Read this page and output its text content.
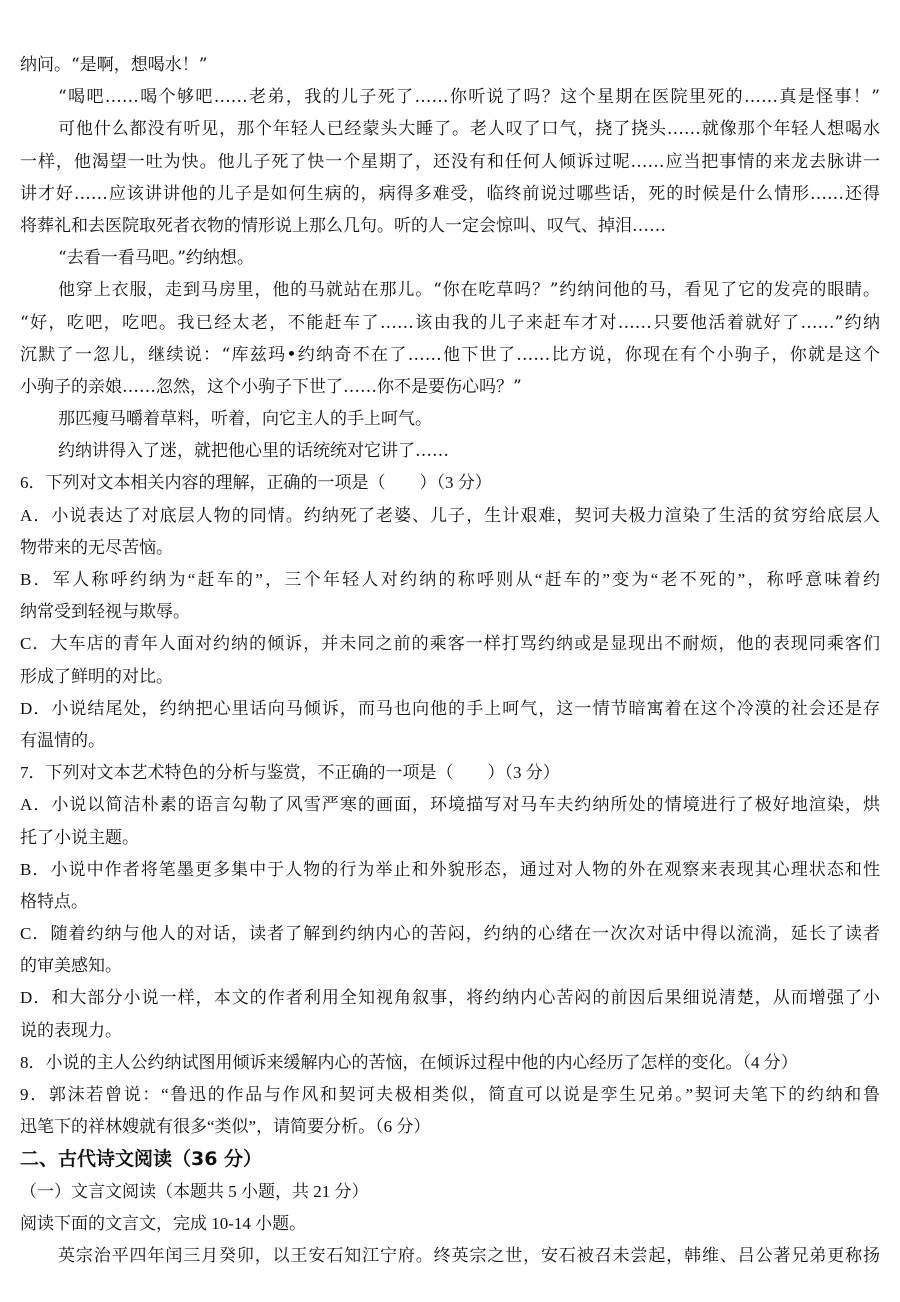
纳问。“是啊，想喝水！”
“喝吧……喝个够吧……老弟，我的儿子死了……你听说了吗？这个星期在医院里死的……真是怪事！”
可他什么都没有听见，那个年轻人已经蒙头大睡了。老人叹了口气，挠了挠头……就像那个年轻人想喝水
一样，他渴望一吐为快。他儿子死了快一个星期了，还没有和任何人倾诉过呢……应当把事情的来龙去脉讲一
讲才好……应该讲讲他的儿子是如何生病的，病得多难受，临终前说过哪些话，死的时候是什么情形……还得
将葬礼和去医院取死者衣物的情形说上那么几句。听的人一定会惊叫、叹气、掉泪……
“去看一看马吧。”约纳想。
他穿上衣服，走到马房里，他的马就站在那儿。“你在吃草吗？”约纳问他的马，看见了它的发亮的眼睛。
“好，吃吧，吃吧。我已经太老，不能赶车了……该由我的儿子来赶车才对……只要他活着就好了……”约纳
沉默了一忽儿，继续说：“库兹玛•约纳奇不在了……他下世了……比方说，你现在有个小驹子，你就是这个
小驹子的亲娘……忽然，这个小驹子下世了……你不是要伤心吗？”
那匹瘦马嚼着草料，听着，向它主人的手上呵气。
约纳讲得入了迷，就把他心里的话统统对它讲了……
6．下列对文本相关内容的理解，正确的一项是（　　）（3 分）
A．小说表达了对底层人物的同情。约纳死了老婆、儿子，生计艰难，契诃夫极力渲染了生活的贫穷给底层人
物带来的无尽苦恼。
B．军人称呼约纳为“赶车的”，三个年轻人对约纳的称呼则从“赶车的”变为“老不死的”，称呼意味着约
纳常受到轻视与欺辱。
C．大车店的青年人面对约纳的倾诉，并未同之前的乘客一样打骂约纳或是显现出不耐烦，他的表现同乘客们
形成了鲜明的对比。
D．小说结尾处，约纳把心里话向马倾诉，而马也向他的手上呵气，这一情节暗寓着在这个冷漠的社会还是存
有温情的。
7．下列对文本艺术特色的分析与鉴赏，不正确的一项是（　　）（3 分）
A．小说以简洁朴素的语言勾勒了风雪严寒的画面，环境描写对马车夫约纳所处的情境进行了极好地渲染，烘
托了小说主题。
B．小说中作者将笔墨更多集中于人物的行为举止和外貌形态，通过对人物的外在观察来表现其心理状态和性
格特点。
C．随着约纳与他人的对话，读者了解到约纳内心的苦闷，约纳的心绪在一次次对话中得以流淌，延长了读者
的审美感知。
D．和大部分小说一样，本文的作者利用全知视角叙事，将约纳内心苦闷的前因后果细说清楚，从而增强了小
说的表现力。
8．小说的主人公约纳试图用倾诉来缓解内心的苦恼，在倾诉过程中他的内心经历了怎样的变化。（4 分）
9．郭沫若曾说：“鲁迅的作品与作风和契诃夫极相类似，简直可以说是孪生兄弟。”契诃夫笔下的约纳和鲁
迅笔下的祥林嫂就有很多“类似”，请简要分析。（6 分）
二、古代诗文阅读（36 分）
（一）文言文阅读（本题共 5 小题，共 21 分）
阅读下面的文言文，完成 10-14 小题。
英宗治平四年闰三月癸卯，以王安石知江宁府。终英宗之世，安石被召未尝起，韩维、吕公著兄弟更称扬
